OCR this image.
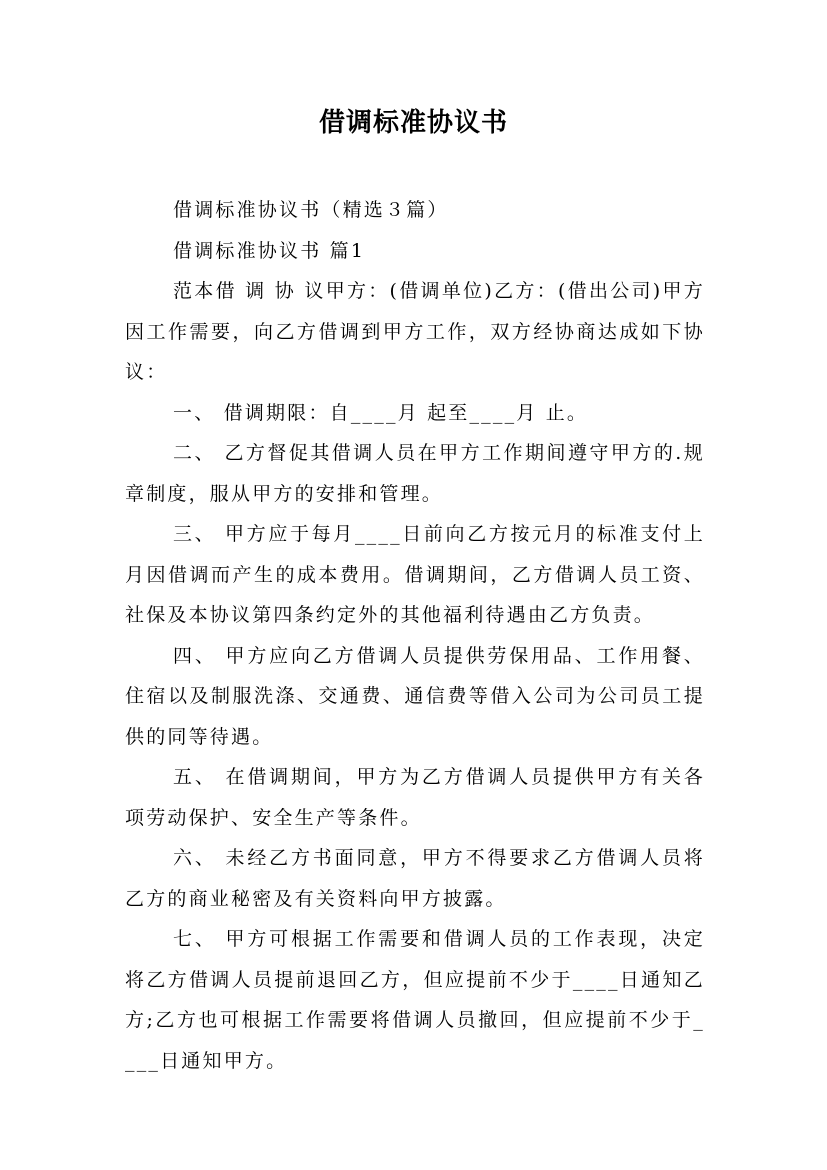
借调标准协议书

借调标准协议书（精选３篇）

借调标准协议书 篇1

范本借 调 协 议甲方：(借调单位)乙方：(借出公司)甲方因工作需要，向乙方借调到甲方工作，双方经协商达成如下协议：

一、 借调期限：自____月 起至____月 止。

二、 乙方督促其借调人员在甲方工作期间遵守甲方的.规章制度，服从甲方的安排和管理。

三、 甲方应于每月____日前向乙方按元月的标准支付上月因借调而产生的成本费用。借调期间，乙方借调人员工资、社保及本协议第四条约定外的其他福利待遇由乙方负责。

四、 甲方应向乙方借调人员提供劳保用品、工作用餐、住宿以及制服洗涤、交通费、通信费等借入公司为公司员工提供的同等待遇。

五、 在借调期间，甲方为乙方借调人员提供甲方有关各项劳动保护、安全生产等条件。

六、 未经乙方书面同意，甲方不得要求乙方借调人员将乙方的商业秘密及有关资料向甲方披露。

七、 甲方可根据工作需要和借调人员的工作表现，决定将乙方借调人员提前退回乙方，但应提前不少于____日通知乙方;乙方也可根据工作需要将借调人员撤回，但应提前不少于____日通知甲方。
